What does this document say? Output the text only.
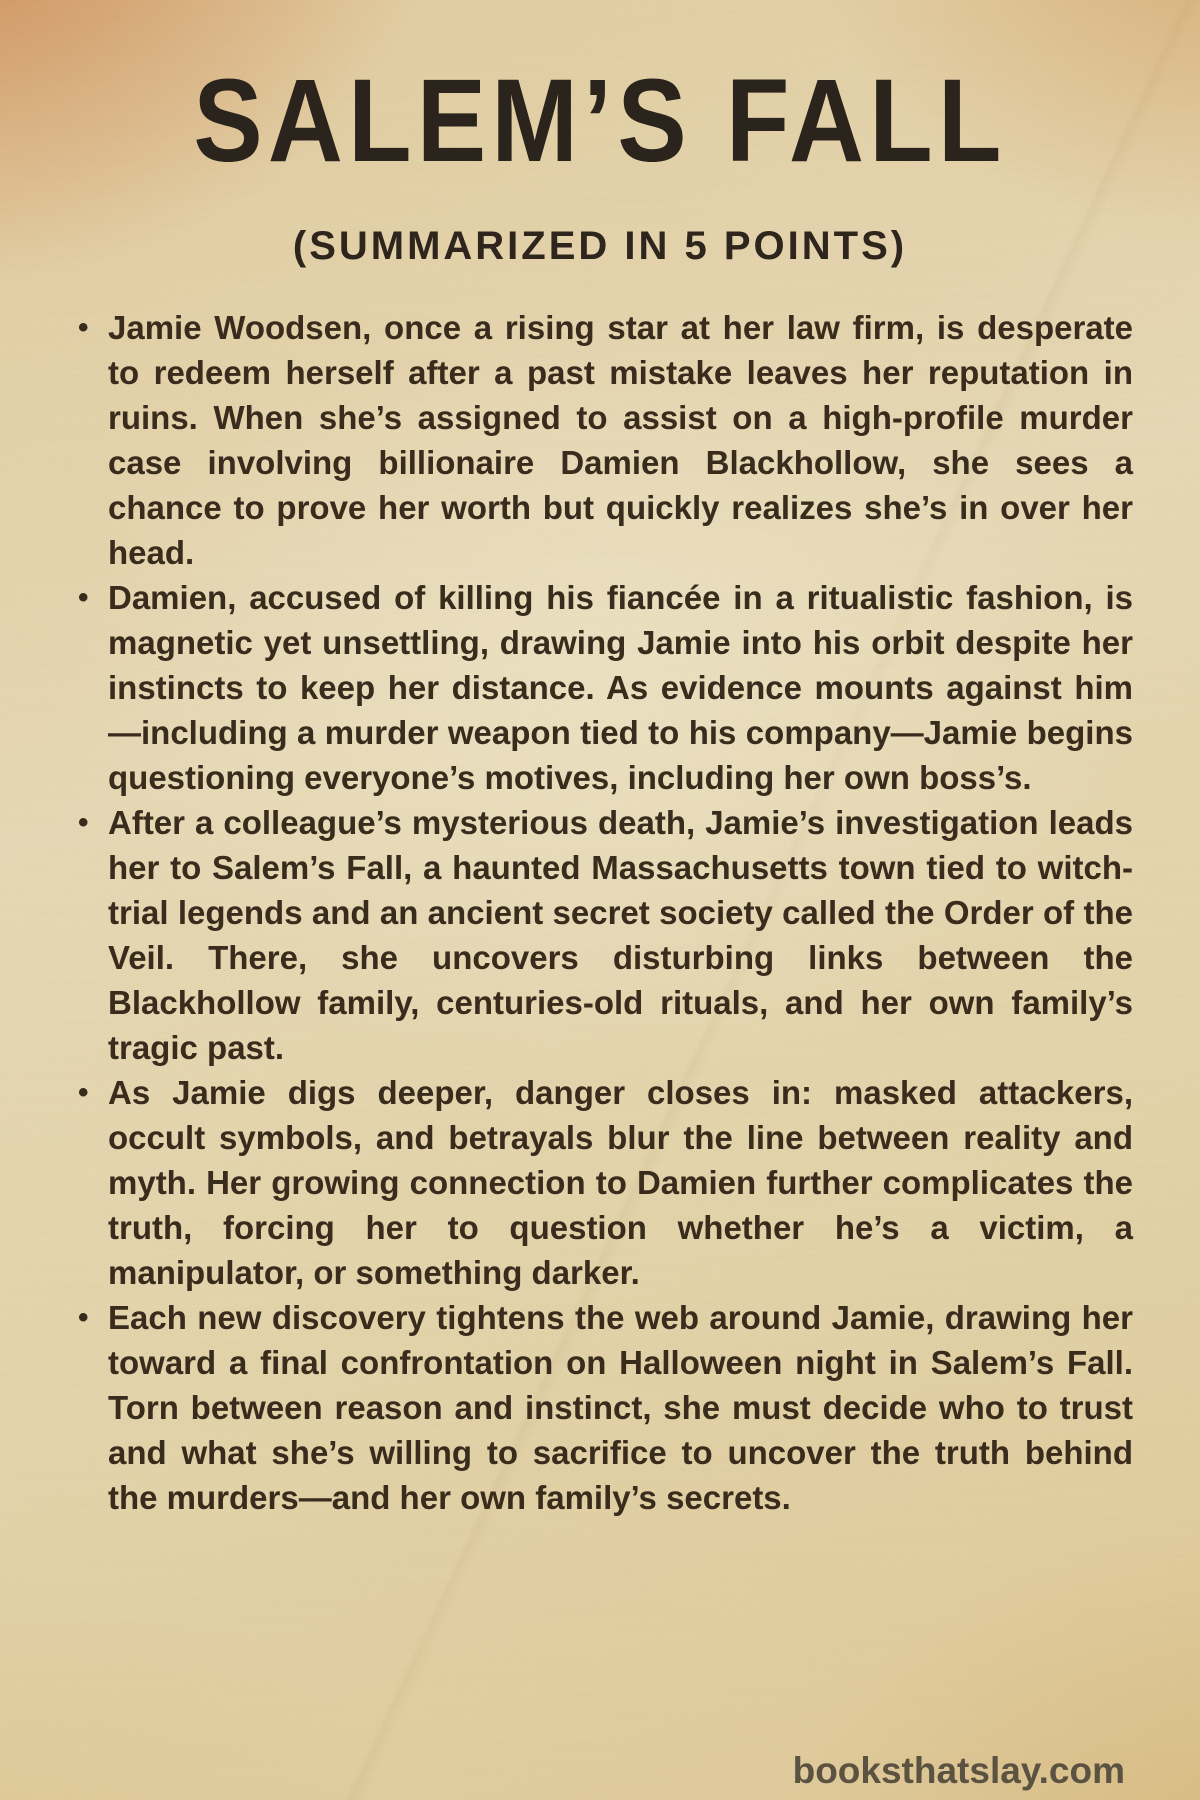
SALEM’S FALL
(SUMMARIZED IN 5 POINTS)
• Jamie Woodsen, once a rising star at her law firm, is desperate to redeem herself after a past mistake leaves her reputation in ruins. When she’s assigned to assist on a high-profile murder case involving billionaire Damien Blackhollow, she sees a chance to prove her worth but quickly realizes she’s in over her head.
• Damien, accused of killing his fiancée in a ritualistic fashion, is magnetic yet unsettling, drawing Jamie into his orbit despite her instincts to keep her distance. As evidence mounts against him—including a murder weapon tied to his company—Jamie begins questioning everyone’s motives, including her own boss’s.
• After a colleague’s mysterious death, Jamie’s investigation leads her to Salem’s Fall, a haunted Massachusetts town tied to witch-trial legends and an ancient secret society called the Order of the Veil. There, she uncovers disturbing links between the Blackhollow family, centuries-old rituals, and her own family’s tragic past.
• As Jamie digs deeper, danger closes in: masked attackers, occult symbols, and betrayals blur the line between reality and myth. Her growing connection to Damien further complicates the truth, forcing her to question whether he’s a victim, a manipulator, or something darker.
• Each new discovery tightens the web around Jamie, drawing her toward a final confrontation on Halloween night in Salem’s Fall. Torn between reason and instinct, she must decide who to trust and what she’s willing to sacrifice to uncover the truth behind the murders—and her own family’s secrets.
booksthatslay.com
